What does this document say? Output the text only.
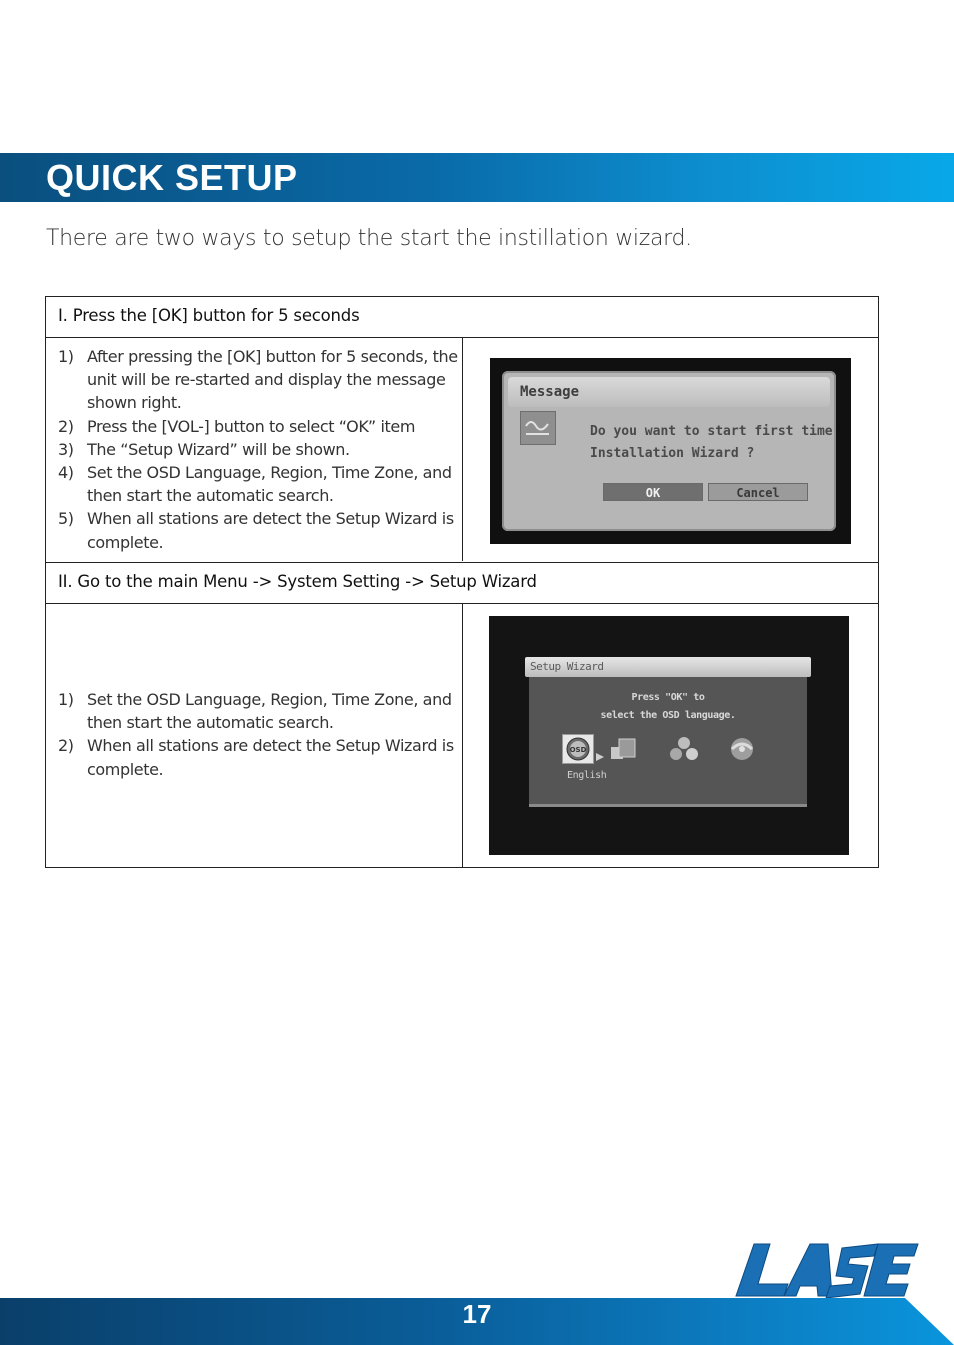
QUICK SETUP

There are two ways to setup the start the instillation wizard.

I. Press the [OK] button for 5 seconds
1) After pressing the [OK] button for 5 seconds, the unit will be re-started and display the message shown right.
2) Press the [VOL-] button to select “OK” item
3) The “Setup Wizard” will be shown.
4) Set the OSD Language, Region, Time Zone, and then start the automatic search.
5) When all stations are detect the Setup Wizard is complete.
Message
Do you want to start first time
Installation Wizard ?
OK	Cancel
II. Go to the main Menu -> System Setting -> Setup Wizard
1) Set the OSD Language, Region, Time Zone, and then start the automatic search.
2) When all stations are detect the Setup Wizard is complete.
Setup Wizard
Press "OK" to
select the OSD language.
OSD
English
17
